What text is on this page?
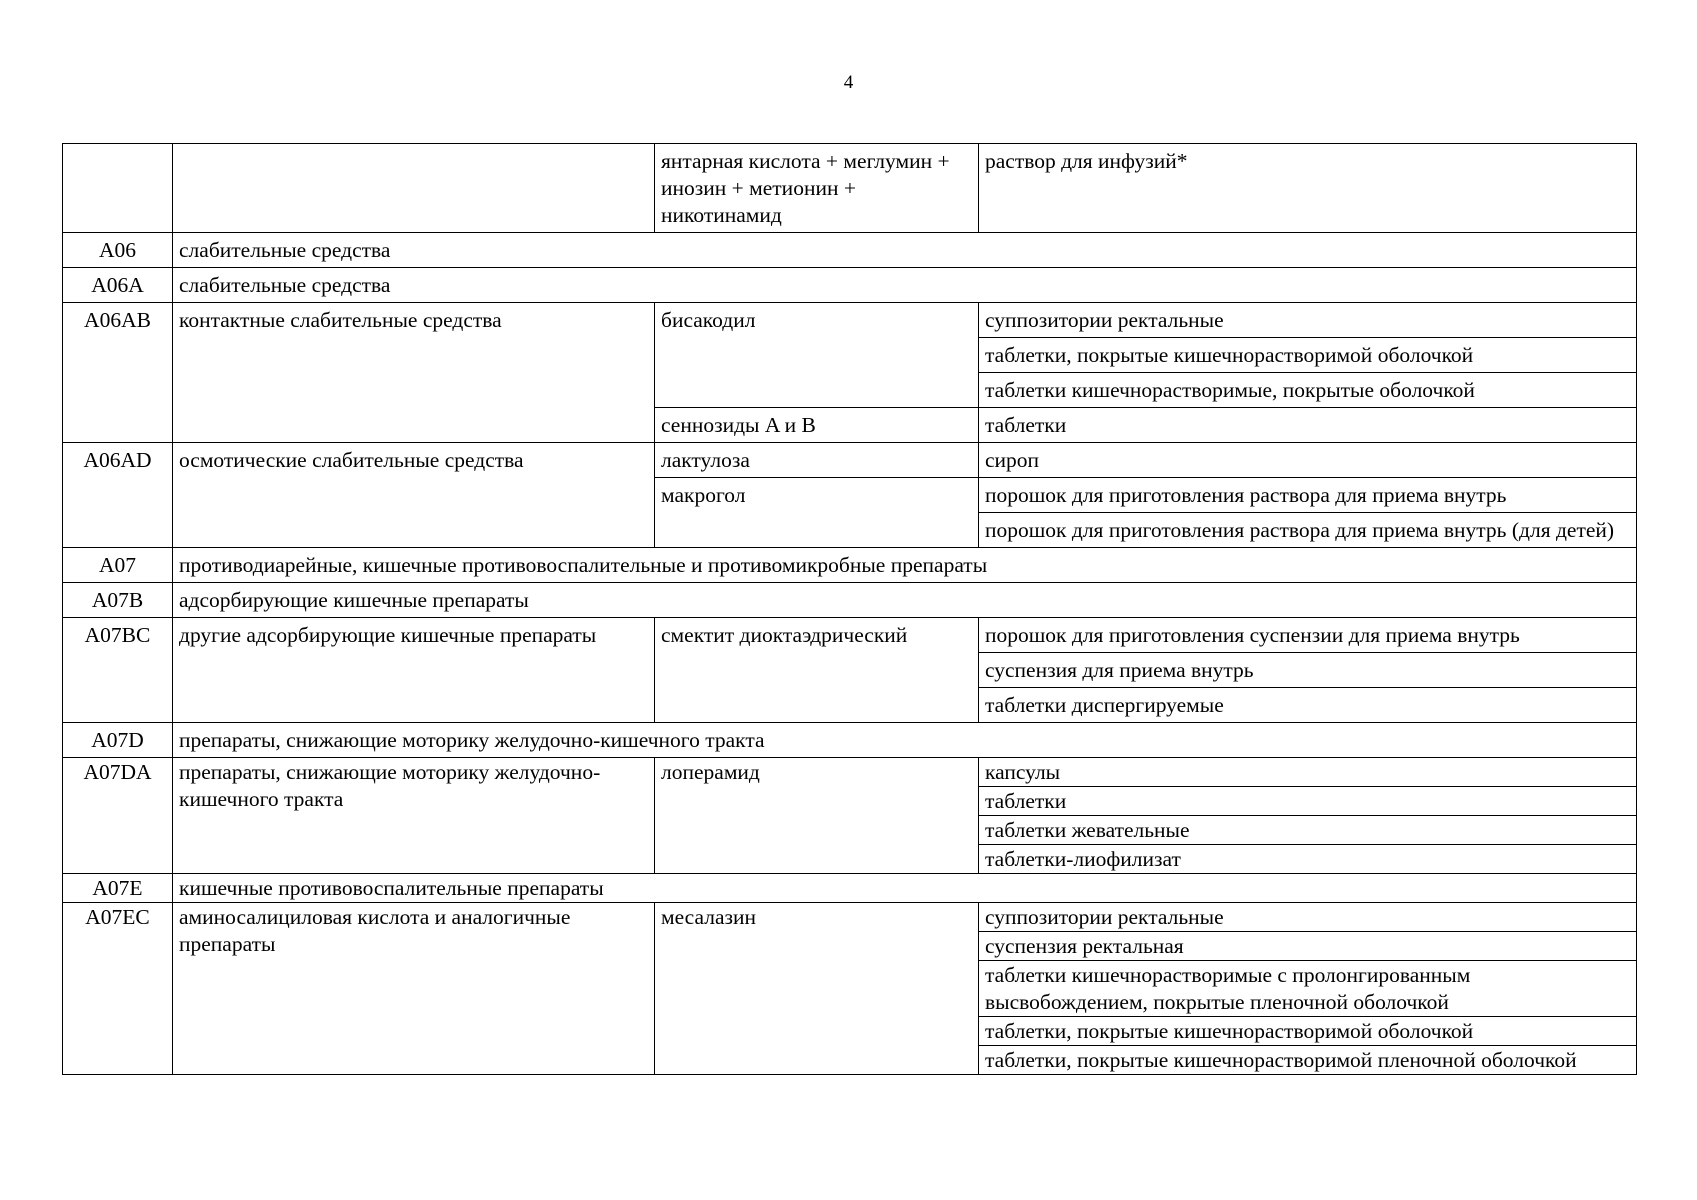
4
		янтарная кислота + меглумин + инозин + метионин + никотинамид	раствор для инфузий*
A06	слабительные средства		
A06A	слабительные средства		
A06AB	контактные слабительные средства	бисакодил	суппозитории ректальные
			таблетки, покрытые кишечнорастворимой оболочкой
			таблетки кишечнорастворимые, покрытые оболочкой
		сеннозиды A и B	таблетки
A06AD	осмотические слабительные средства	лактулоза	сироп
		макрогол	порошок для приготовления раствора для приема внутрь
			порошок для приготовления раствора для приема внутрь (для детей)
A07	противодиарейные, кишечные противовоспалительные и противомикробные препараты		
A07B	адсорбирующие кишечные препараты		
A07BC	другие адсорбирующие кишечные препараты	смектит диоктаэдрический	порошок для приготовления суспензии для приема внутрь
			суспензия для приема внутрь
			таблетки диспергируемые
A07D	препараты, снижающие моторику желудочно-кишечного тракта		
A07DA	препараты, снижающие моторику желудочно-кишечного тракта	лоперамид	капсулы
			таблетки
			таблетки жевательные
			таблетки-лиофилизат
A07E	кишечные противовоспалительные препараты		
A07EC	аминосалициловая кислота и аналогичные препараты	месалазин	суппозитории ректальные
			суспензия ректальная
			таблетки кишечнорастворимые с пролонгированным высвобождением, покрытые пленочной оболочкой
			таблетки, покрытые кишечнорастворимой оболочкой
			таблетки, покрытые кишечнорастворимой пленочной оболочкой
